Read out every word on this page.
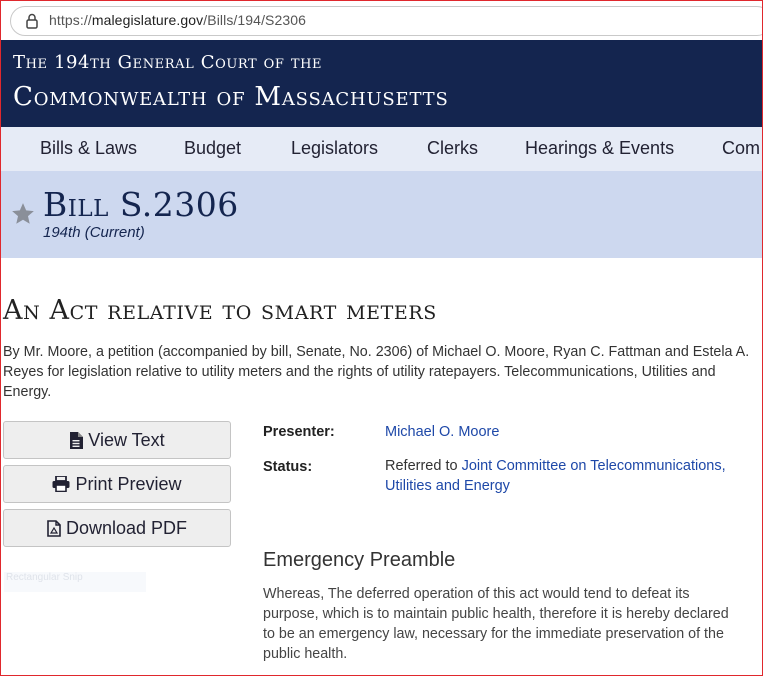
https://malegislature.gov/Bills/194/S2306
The 194th General Court of the
Commonwealth of Massachusetts
Bills & Laws	Budget	Legislators	Clerks	Hearings & Events	Com
Bill S.2306
194th (Current)
An Act relative to smart meters
By Mr. Moore, a petition (accompanied by bill, Senate, No. 2306) of Michael O. Moore, Ryan C. Fattman and Estela A. Reyes for legislation relative to utility meters and the rights of utility ratepayers. Telecommunications, Utilities and Energy.
View Text
Print Preview
Download PDF
Rectangular Snip
Presenter:	Michael O. Moore
Status:	Referred to Joint Committee on Telecommunications, Utilities and Energy
Emergency Preamble
Whereas, The deferred operation of this act would tend to defeat its purpose, which is to maintain public health, therefore it is hereby declared to be an emergency law, necessary for the immediate preservation of the public health.
